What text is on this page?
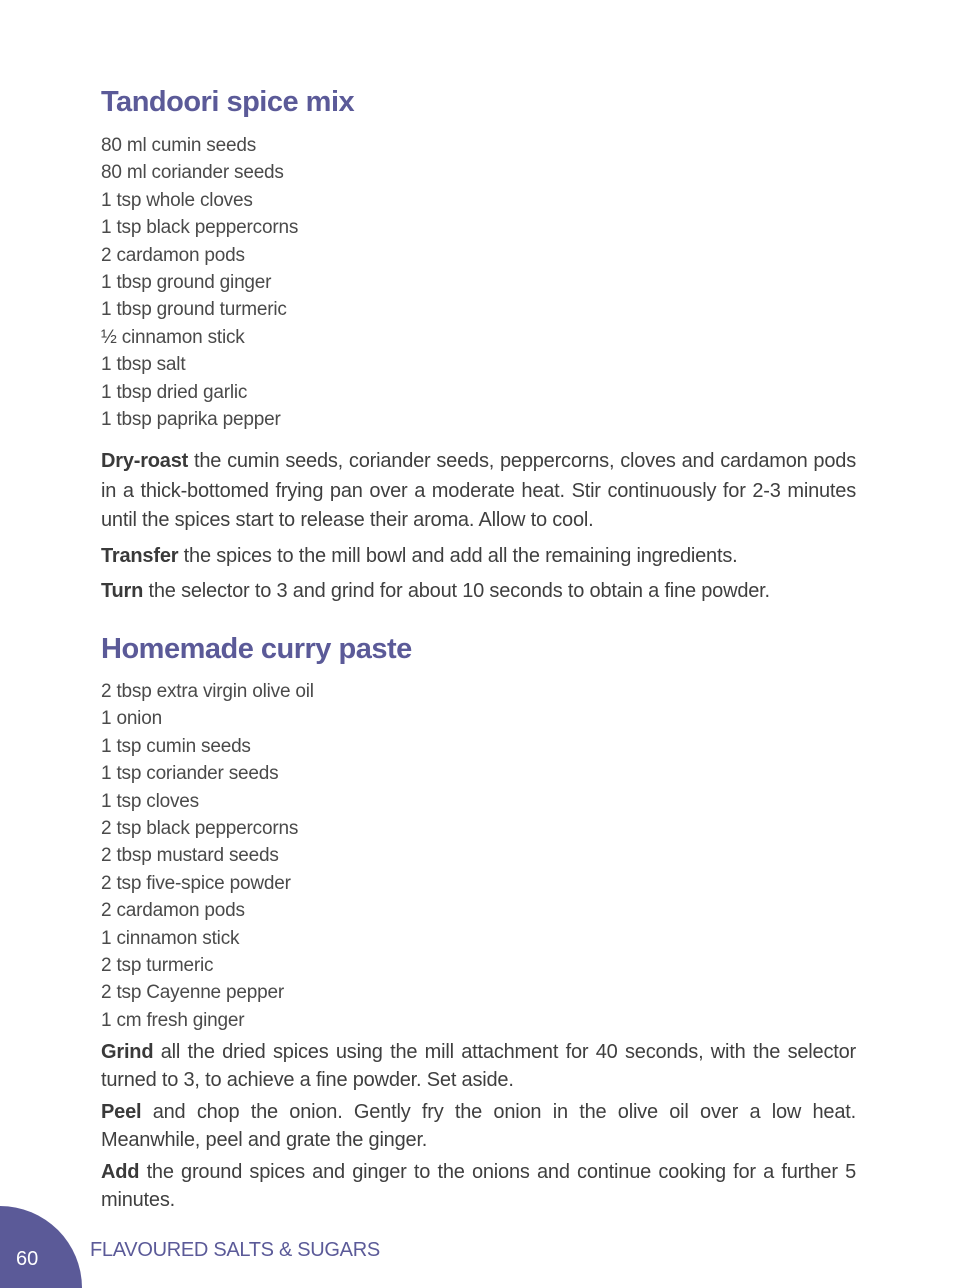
Tandoori spice mix
80 ml cumin seeds
80 ml coriander seeds
1 tsp whole cloves
1 tsp black peppercorns
2 cardamon pods
1 tbsp ground ginger
1 tbsp ground turmeric
½ cinnamon stick
1 tbsp salt
1 tbsp dried garlic
1 tbsp paprika pepper

Dry-roast the cumin seeds, coriander seeds, peppercorns, cloves and cardamon pods in a thick-bottomed frying pan over a moderate heat. Stir continuously for 2-3 minutes until the spices start to release their aroma. Allow to cool.

Transfer the spices to the mill bowl and add all the remaining ingredients.

Turn the selector to 3 and grind for about 10 seconds to obtain a fine powder.

Homemade curry paste
2 tbsp extra virgin olive oil
1 onion
1 tsp cumin seeds
1 tsp coriander seeds
1 tsp cloves
2 tsp black peppercorns
2 tbsp mustard seeds
2 tsp five-spice powder
2 cardamon pods
1 cinnamon stick
2 tsp turmeric
2 tsp Cayenne pepper
1 cm fresh ginger

Grind all the dried spices using the mill attachment for 40 seconds, with the selector turned to 3, to achieve a fine powder. Set aside.

Peel and chop the onion. Gently fry the onion in the olive oil over a low heat. Meanwhile, peel and grate the ginger.

Add the ground spices and ginger to the onions and continue cooking for a further 5 minutes.

60	FLAVOURED SALTS & SUGARS
